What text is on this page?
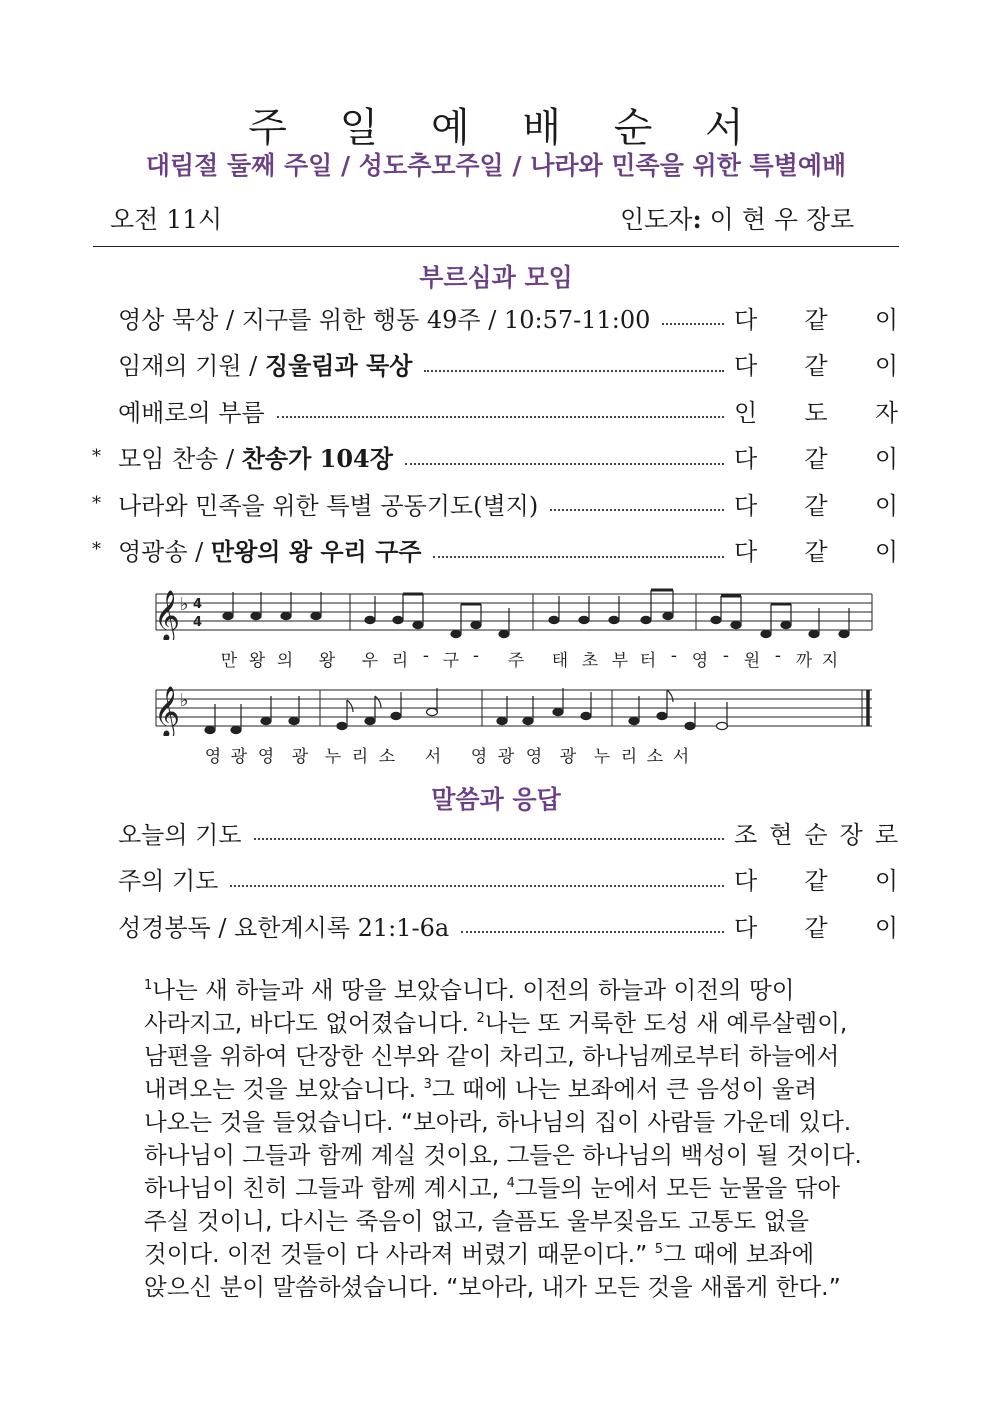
주 일 예 배 순 서
대림절 둘째 주일 / 성도추모주일 / 나라와 민족을 위한 특별예배
오전 11시	인도자: 이 현 우 장로
부르심과 모임
영상 묵상 / 지구를 위한 행동 49주 / 10:57-11:00	다 같 이
임재의 기원 / 징울림과 묵상	다 같 이
예배로의 부름	인 도 자
* 모임 찬송 / 찬송가 104장	다 같 이
* 나라와 민족을 위한 특별 공동기도(별지)	다 같 이
* 영광송 / 만왕의 왕 우리 구주	다 같 이
𝄞 ♭ 4
4
만 왕 의	왕	우 리 - 구 -	주	태 초 부 터 - 영 - 원 - 까 지
𝄞 ♭
영 광 영	광 누 리 소	서	영 광 영	광	누 리 소 서
말씀과 응답
오늘의 기도	조 현 순 장 로
주의 기도	다 같 이
성경봉독 / 요한계시록 21:1-6a	다 같 이
$^1$나는 새 하늘과 새 땅을 보았습니다. 이전의 하늘과 이전의 땅이
사라지고, 바다도 없어졌습니다. $^2$나는 또 거룩한 도성 새 예루살렘이,
남편을 위하여 단장한 신부와 같이 차리고, 하나님께로부터 하늘에서
내려오는 것을 보았습니다. $^3$그 때에 나는 보좌에서 큰 음성이 울려
나오는 것을 들었습니다. “보아라, 하나님의 집이 사람들 가운데 있다.
하나님이 그들과 함께 계실 것이요, 그들은 하나님의 백성이 될 것이다.
하나님이 친히 그들과 함께 계시고, $^4$그들의 눈에서 모든 눈물을 닦아
주실 것이니, 다시는 죽음이 없고, 슬픔도 울부짖음도 고통도 없을
것이다. 이전 것들이 다 사라져 버렸기 때문이다.” $^5$그 때에 보좌에
앉으신 분이 말씀하셨습니다. “보아라, 내가 모든 것을 새롭게 한다.”
